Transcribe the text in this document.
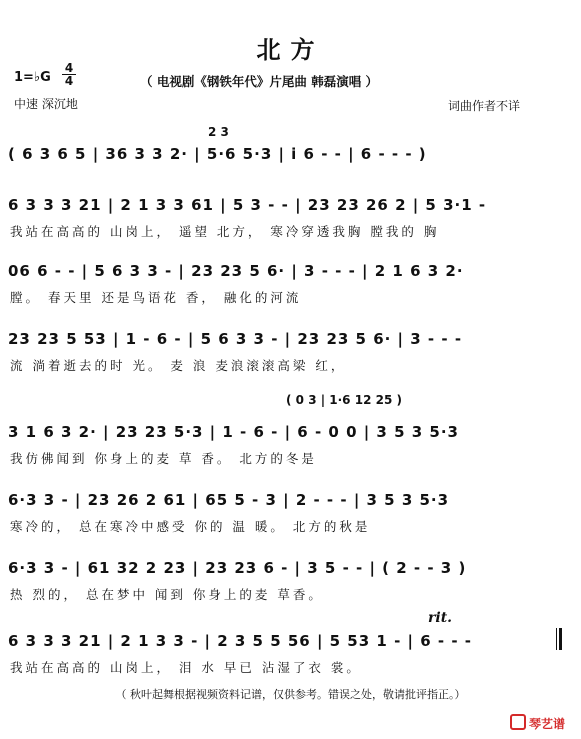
北方
1=♭G
4
4	（ 电视剧《钢铁年代》片尾曲 韩磊演唱 ）
中速 深沉地	词曲作者不详
2 3
( 6 3 6 5 | 36 3 3 2· | 5·6 5·3 | i 6 - - | 6 - - - )
6 3 3 3 21 | 2 1 3 3 61 | 5 3 - - | 23 23 26 2 | 5 3·1 -
我站在高高的 山岗上， 遥望 北方， 寒冷穿透我胸 膛我的 胸
06 6 - - | 5 6 3 3 - | 23 23 5 6· | 3 - - - | 2 1 6 3 2·
膛。 春天里 还是鸟语花 香， 融化的河流
23 23 5 53 | 1 - 6 - | 5 6 3 3 - | 23 23 5 6· | 3 - - -
流 淌着逝去的时 光。 麦 浪 麦浪滚滚高梁 红，
( 0 3 | 1·6 12 25 )
3 1 6 3 2· | 23 23 5·3 | 1 - 6 - | 6 - 0 0 | 3 5 3 5·3
我仿佛闻到 你身上的麦 草 香。 北方的冬是
6·3 3 - | 23 26 2 61 | 65 5 - 3 | 2 - - - | 3 5 3 5·3
寒冷的， 总在寒冷中感受 你的 温 暖。 北方的秋是
6·3 3 - | 61 32 2 23 | 23 23 6 - | 3 5 - - | ( 2 - - 3 )
热 烈的， 总在梦中 闻到 你身上的麦 草香。
rit.
6 3 3 3 21 | 2 1 3 3 - | 2 3 5 5 56 | 5 53 1 - | 6 - - -
我站在高高的 山岗上， 泪 水 早已 沾湿了衣 裳。
（ 秋叶起舞根据视频资料记谱，仅供参考。错误之处，敬请批评指正。）
琴艺谱
